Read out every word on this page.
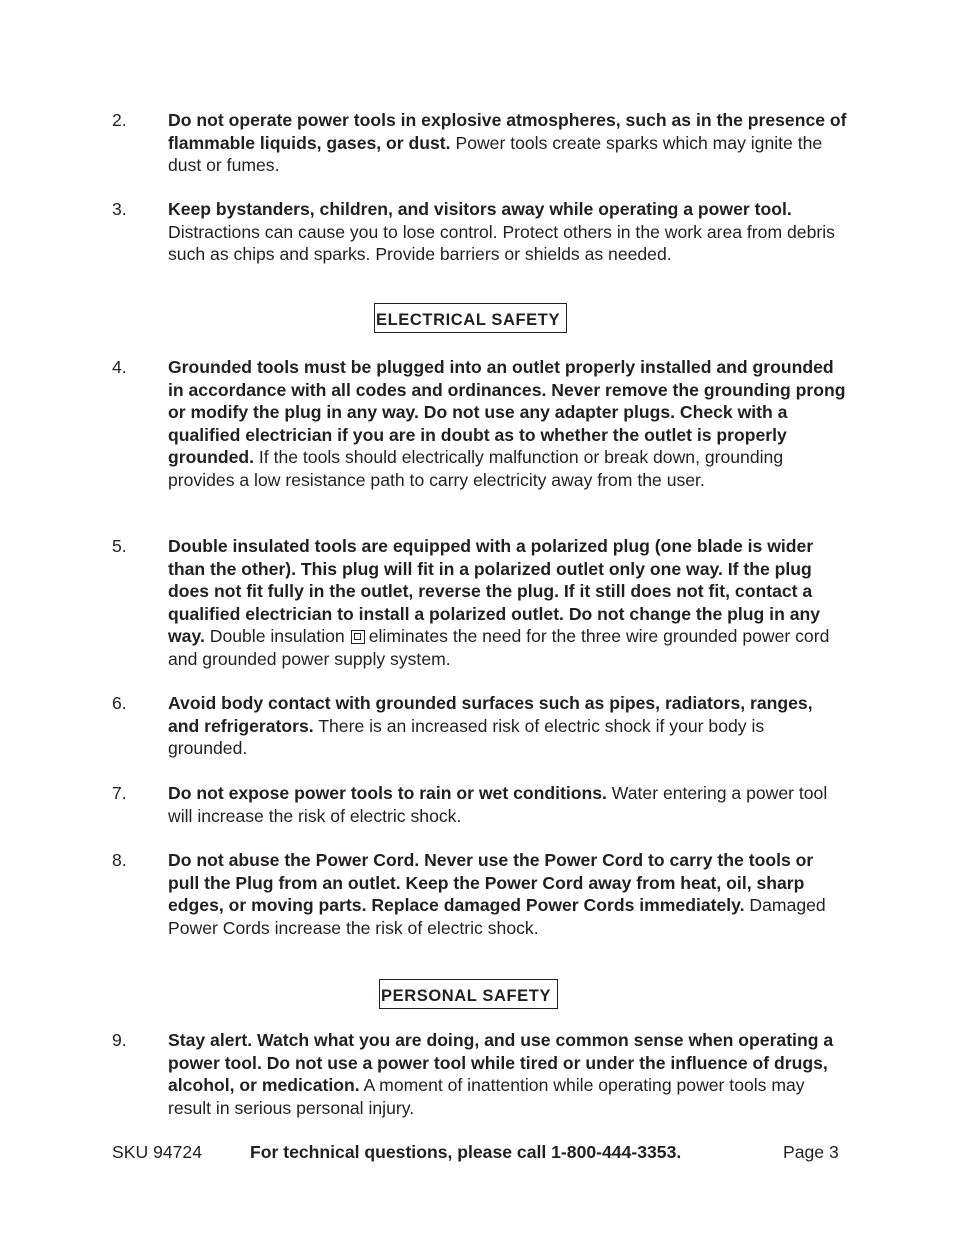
2. Do not operate power tools in explosive atmospheres, such as in the presence of flammable liquids, gases, or dust. Power tools create sparks which may ignite the dust or fumes.
3. Keep bystanders, children, and visitors away while operating a power tool. Distractions can cause you to lose control. Protect others in the work area from debris such as chips and sparks. Provide barriers or shields as needed.
ELECTRICAL SAFETY
4. Grounded tools must be plugged into an outlet properly installed and grounded in accordance with all codes and ordinances. Never remove the grounding prong or modify the plug in any way. Do not use any adapter plugs. Check with a qualified electrician if you are in doubt as to whether the outlet is properly grounded. If the tools should electrically malfunction or break down, grounding provides a low resistance path to carry electricity away from the user.
5. Double insulated tools are equipped with a polarized plug (one blade is wider than the other). This plug will fit in a polarized outlet only one way. If the plug does not fit fully in the outlet, reverse the plug. If it still does not fit, contact a qualified electrician to install a polarized outlet. Do not change the plug in any way. Double insulation eliminates the need for the three wire grounded power cord and grounded power supply system.
6. Avoid body contact with grounded surfaces such as pipes, radiators, ranges, and refrigerators. There is an increased risk of electric shock if your body is grounded.
7. Do not expose power tools to rain or wet conditions. Water entering a power tool will increase the risk of electric shock.
8. Do not abuse the Power Cord. Never use the Power Cord to carry the tools or pull the Plug from an outlet. Keep the Power Cord away from heat, oil, sharp edges, or moving parts. Replace damaged Power Cords immediately. Damaged Power Cords increase the risk of electric shock.
PERSONAL SAFETY
9. Stay alert. Watch what you are doing, and use common sense when operating a power tool. Do not use a power tool while tired or under the influence of drugs, alcohol, or medication. A moment of inattention while operating power tools may result in serious personal injury.
SKU 94724	For technical questions, please call 1-800-444-3353.	Page 3
